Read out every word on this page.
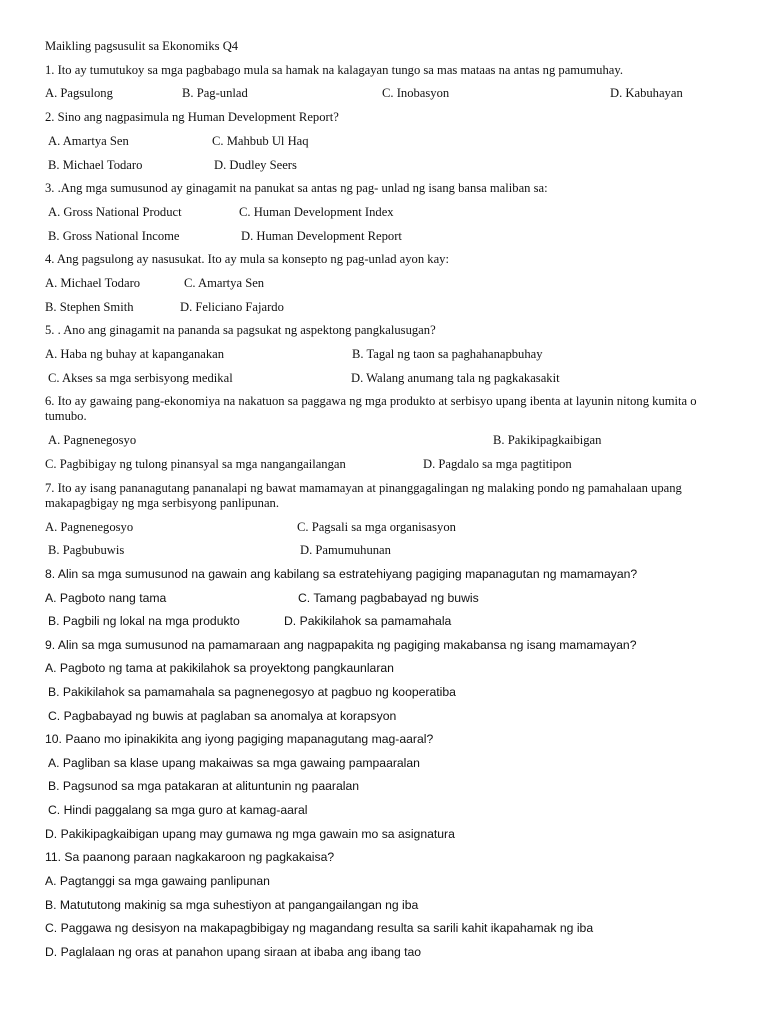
Maikling pagsusulit sa Ekonomiks Q4
1. Ito ay tumutukoy sa mga pagbabago mula sa hamak na kalagayan tungo sa mas mataas na antas ng pamumuhay.
A. Pagsulong	B. Pag-unlad	C. Inobasyon	D. Kabuhayan
2. Sino ang nagpasimula ng Human Development Report?
A. Amartya Sen	C. Mahbub Ul Haq
B. Michael Todaro	D. Dudley Seers
3. .Ang mga sumusunod ay ginagamit na panukat sa antas ng pag- unlad ng isang bansa maliban sa:
A. Gross National Product	C. Human Development Index
B. Gross National Income	D. Human Development Report
4. Ang pagsulong ay nasusukat. Ito ay mula sa konsepto ng pag-unlad ayon kay:
A. Michael Todaro	C. Amartya Sen
B. Stephen Smith	D. Feliciano Fajardo
5. . Ano ang ginagamit na pananda sa pagsukat ng aspektong pangkalusugan?
A. Haba ng buhay at kapanganakan	B. Tagal ng taon sa paghahanapbuhay
C. Akses sa mga serbisyong medikal	D. Walang anumang tala ng pagkakasakit
6. Ito ay gawaing pang-ekonomiya na nakatuon sa paggawa ng mga produkto at serbisyo upang ibenta at layunin nitong kumita o tumubo.
A. Pagnenegosyo	B. Pakikipagkaibigan
C. Pagbibigay ng tulong pinansyal sa mga nangangailangan	D. Pagdalo sa mga pagtitipon
7. Ito ay isang pananagutang pananalapi ng bawat mamamayan at pinanggagalingan ng malaking pondo ng pamahalaan upang makapagbigay ng mga serbisyong panlipunan.
A. Pagnenegosyo	C. Pagsali sa mga organisasyon
B. Pagbubuwis	D. Pamumuhunan
8. Alin sa mga sumusunod na gawain ang kabilang sa estratehiyang pagiging mapanagutan ng mamamayan?
A. Pagboto nang tama	C. Tamang pagbabayad ng buwis
B. Pagbili ng lokal na mga produkto	D. Pakikilahok sa pamamahala
9. Alin sa mga sumusunod na pamamaraan ang nagpapakita ng pagiging makabansa ng isang mamamayan?
A. Pagboto ng tama at pakikilahok sa proyektong pangkaunlaran
B. Pakikilahok sa pamamahala sa pagnenegosyo at pagbuo ng kooperatiba
C. Pagbabayad ng buwis at paglaban sa anomalya at korapsyon
10. Paano mo ipinakikita ang iyong pagiging mapanagutang mag-aaral?
A. Pagliban sa klase upang makaiwas sa mga gawaing pampaaralan
B. Pagsunod sa mga patakaran at alituntunin ng paaralan
C. Hindi paggalang sa mga guro at kamag-aaral
D. Pakikipagkaibigan upang may gumawa ng mga gawain mo sa asignatura
11. Sa paanong paraan nagkakaroon ng pagkakaisa?
A. Pagtanggi sa mga gawaing panlipunan
B. Matututong makinig sa mga suhestiyon at pangangailangan ng iba
C. Paggawa ng desisyon na makapagbibigay ng magandang resulta sa sarili kahit ikapahamak ng iba
D. Paglalaan ng oras at panahon upang siraan at ibaba ang ibang tao
